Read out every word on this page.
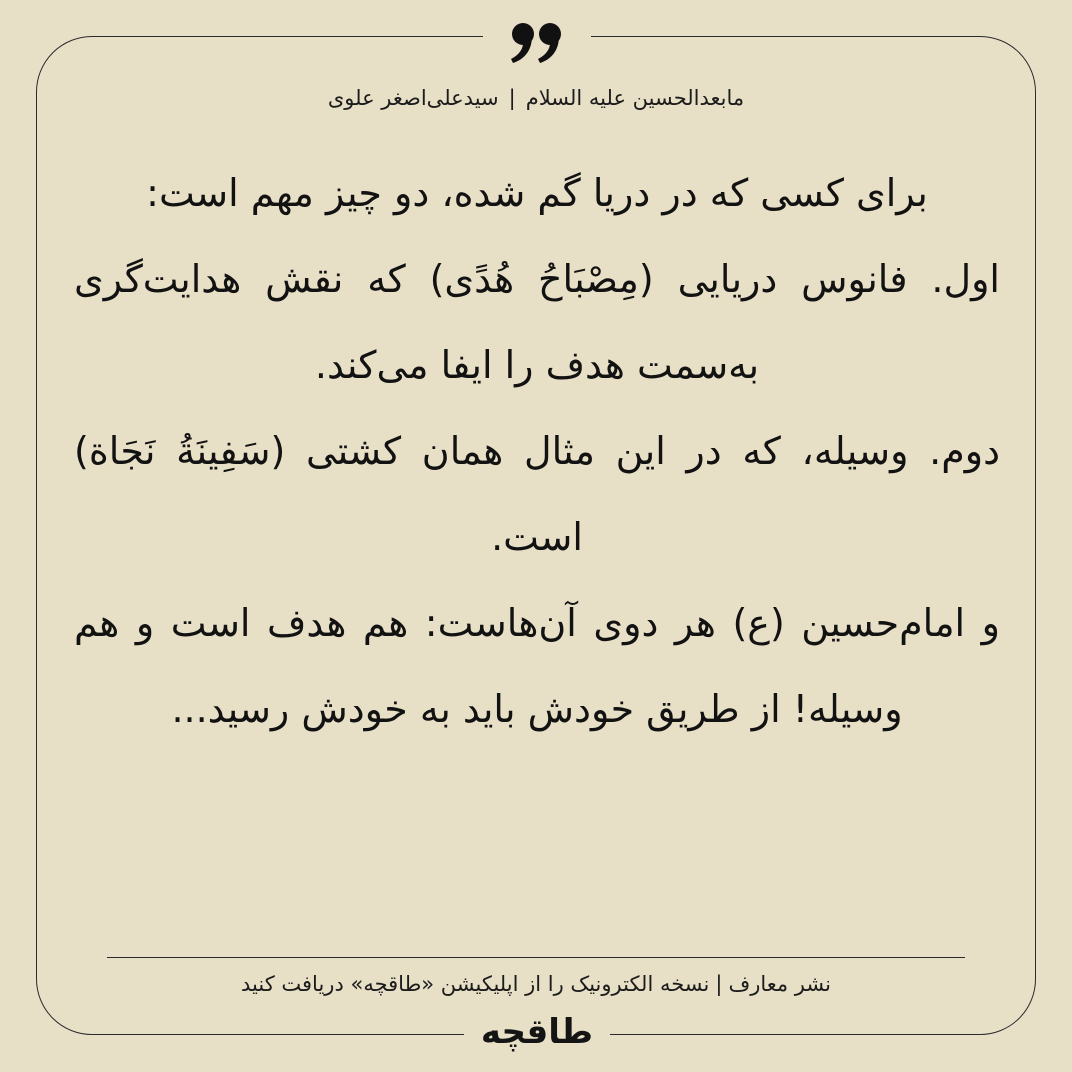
مابعدالحسین علیه السلام|سیدعلی‌اصغر علوی

برای کسی که در دریا گم شده، دو چیز مهم است:

اول. فانوس دریایی (مِصْبَاحُ هُدًی) که نقش هدایت‌گری به‌سمت هدف را ایفا می‌کند.

دوم. وسیله، که در این مثال همان کشتی (سَفِینَةُ نَجَاة) است.

و امام‌حسین (ع) هر دوی آن‌هاست: هم هدف است و هم وسیله! از طریق خودش باید به خودش رسید...

نشر معارف|نسخه الکترونیک را از اپلیکیشن «طاقچه» دریافت کنید
طاقچه
